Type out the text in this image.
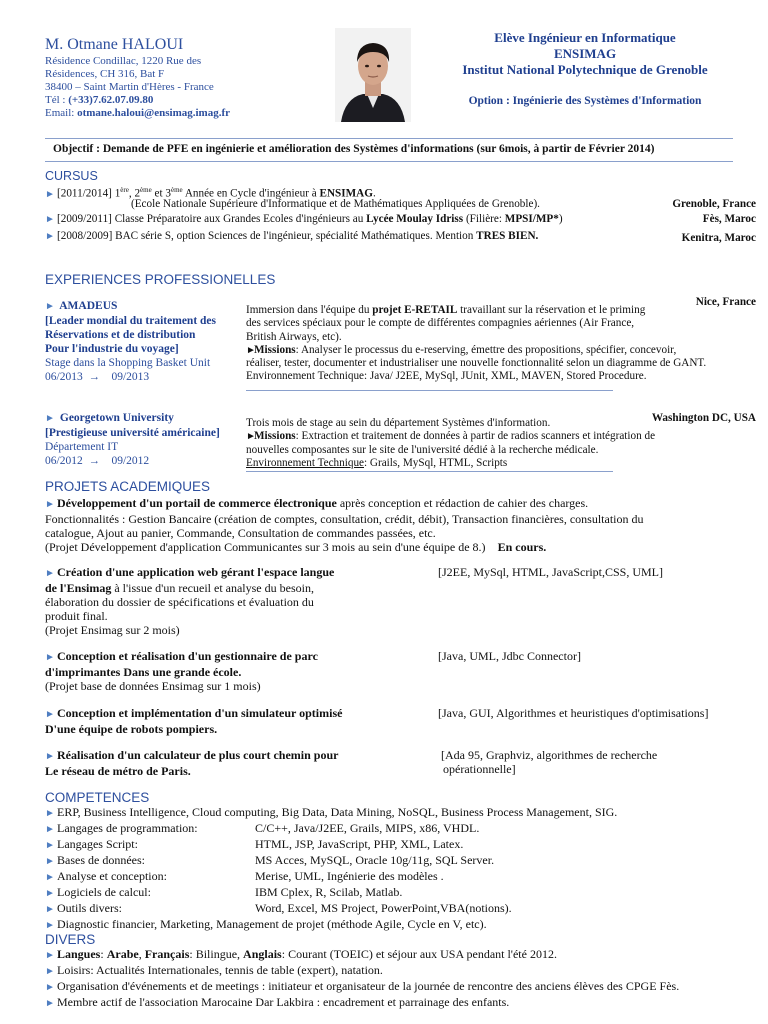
M. Otmane HALOUI
Résidence Condillac, 1220 Rue des
Résidences, CH 316, Bat F
38400 – Saint Martin d'Hères - France
Tél : (+33)7.62.07.09.80
Email: otmane.haloui@ensimag.imag.fr
Elève Ingénieur en Informatique
ENSIMAG
Institut National Polytechnique de Grenoble
Option : Ingénierie des Systèmes d'Information
Objectif : Demande de PFE en ingénierie et amélioration des Systèmes d'informations (sur 6mois, à partir de Février 2014)
CURSUS
► [2011/2014] 1ère, 2ème et 3ème Année en Cycle d'ingénieur à ENSIMAG.
(Ecole Nationale Supérieure d'Informatique et de Mathématiques Appliquées de Grenoble).	Grenoble, France
► [2009/2011] Classe Préparatoire aux Grandes Ecoles d'ingénieurs au Lycée Moulay Idriss (Filière: MPSI/MP*)	Fès, Maroc
► [2008/2009] BAC série S, option Sciences de l'ingénieur, spécialité Mathématiques. Mention TRES BIEN.	Kenitra, Maroc
EXPERIENCES PROFESSIONELLES
► AMADEUS
[Leader mondial du traitement des
Réservations et de distribution
Pour l'industrie du voyage]
Stage dans la Shopping Basket Unit
06/2013 → 09/2013
Nice, France
Immersion dans l'équipe du projet E-RETAIL travaillant sur la réservation et le priming
des services spéciaux pour le compte de différentes compagnies aériennes (Air France,
British Airways, etc).
►Missions: Analyser le processus du e-reserving, émettre des propositions, spécifier, concevoir,
réaliser, tester, documenter et industrialiser une nouvelle fonctionnalité selon un diagramme de GANT.
Environnement Technique: Java/ J2EE, MySql, JUnit, XML, MAVEN, Stored Procedure.
► Georgetown University
[Prestigieuse université américaine]
Département IT
06/2012 → 09/2012
Washington DC, USA
Trois mois de stage au sein du département Systèmes d'information.
►Missions: Extraction et traitement de données à partir de radios scanners et intégration de
nouvelles composantes sur le site de l'université dédié à la recherche médicale.
Environnement Technique: Grails, MySql, HTML, Scripts
PROJETS ACADEMIQUES
► Développement d'un portail de commerce électronique après conception et rédaction de cahier des charges.
Fonctionnalités : Gestion Bancaire (création de comptes, consultation, crédit, débit), Transaction financières, consultation du
catalogue, Ajout au panier, Commande, Consultation de commandes passées, etc.
(Projet Développement d'application Communicantes sur 3 mois au sein d'une équipe de 8.) En cours.
► Création d'une application web gérant l'espace langue
de l'Ensimag à l'issue d'un recueil et analyse du besoin,
élaboration du dossier de spécifications et évaluation du
produit final.
(Projet Ensimag sur 2 mois)
[J2EE, MySql, HTML, JavaScript,CSS, UML]
► Conception et réalisation d'un gestionnaire de parc
d'imprimantes Dans une grande école.
(Projet base de données Ensimag sur 1 mois)
[Java, UML, Jdbc Connector]
► Conception et implémentation d'un simulateur optimisé
D'une équipe de robots pompiers.
[Java, GUI, Algorithmes et heuristiques d'optimisations]
► Réalisation d'un calculateur de plus court chemin pour
Le réseau de métro de Paris.
[Ada 95, Graphviz, algorithmes de recherche
opérationnelle]
COMPETENCES
► ERP, Business Intelligence, Cloud computing, Big Data, Data Mining, NoSQL, Business Process Management, SIG.
► Langages de programmation:	C/C++, Java/J2EE, Grails, MIPS, x86, VHDL.
► Langages Script:	HTML, JSP, JavaScript, PHP, XML, Latex.
► Bases de données:	MS Acces, MySQL, Oracle 10g/11g, SQL Server.
► Analyse et conception:	Merise, UML, Ingénierie des modèles .
► Logiciels de calcul:	IBM Cplex, R, Scilab, Matlab.
► Outils divers:	Word, Excel, MS Project, PowerPoint,VBA(notions).
► Diagnostic financier, Marketing, Management de projet (méthode Agile, Cycle en V, etc).
DIVERS
► Langues: Arabe, Français: Bilingue, Anglais: Courant (TOEIC) et séjour aux USA pendant l'été 2012.
► Loisirs: Actualités Internationales, tennis de table (expert), natation.
► Organisation d'événements et de meetings : initiateur et organisateur de la journée de rencontre des anciens élèves des CPGE Fès.
► Membre actif de l'association Marocaine Dar Lakbira : encadrement et parrainage des enfants.
